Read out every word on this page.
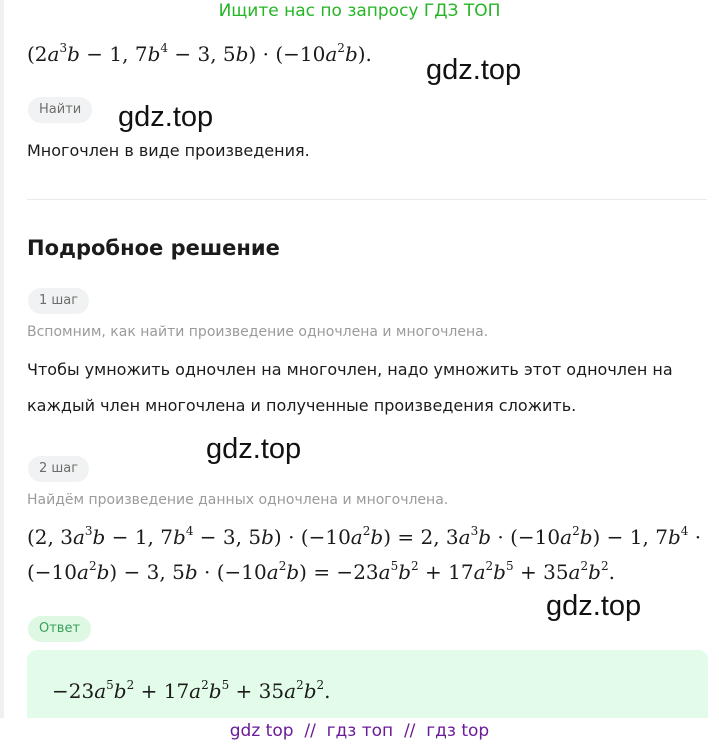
Ищите нас по запросу ГДЗ ТОП
($2a^3b - 1$, $7b^4 - 3$, $5b) \cdot (-10a^2b)$. gdz.top
Найти	gdz.top
Многочлен в виде произведения.
Подробное решение
1 шаг
Вспомним, как найти произведение одночлена и многочлена.
Чтобы умножить одночлен на многочлен, надо умножить этот одночлен на
каждый член многочлена и полученные произведения сложить.
gdz.top
2 шаг
Найдём произведение данных одночлена и многочлена.
(2, $3a^3b - 1$, $7b^4 - 3$, $5b) \cdot (-10a^2b) = 2$, $3a^3b \cdot (-10a^2b) - 1$, $7b^4$ ·
$(-10a^2b) - 3$, $5b \cdot (-10a^2b) = -23a^5b^2 + 17a^2b^5 + 35a^2b^2$.
gdz.top
Ответ
$-23a^5b^2 + 17a^2b^5 + 35a^2b^2$.
gdz top  //  гдз топ  //  гдз top
